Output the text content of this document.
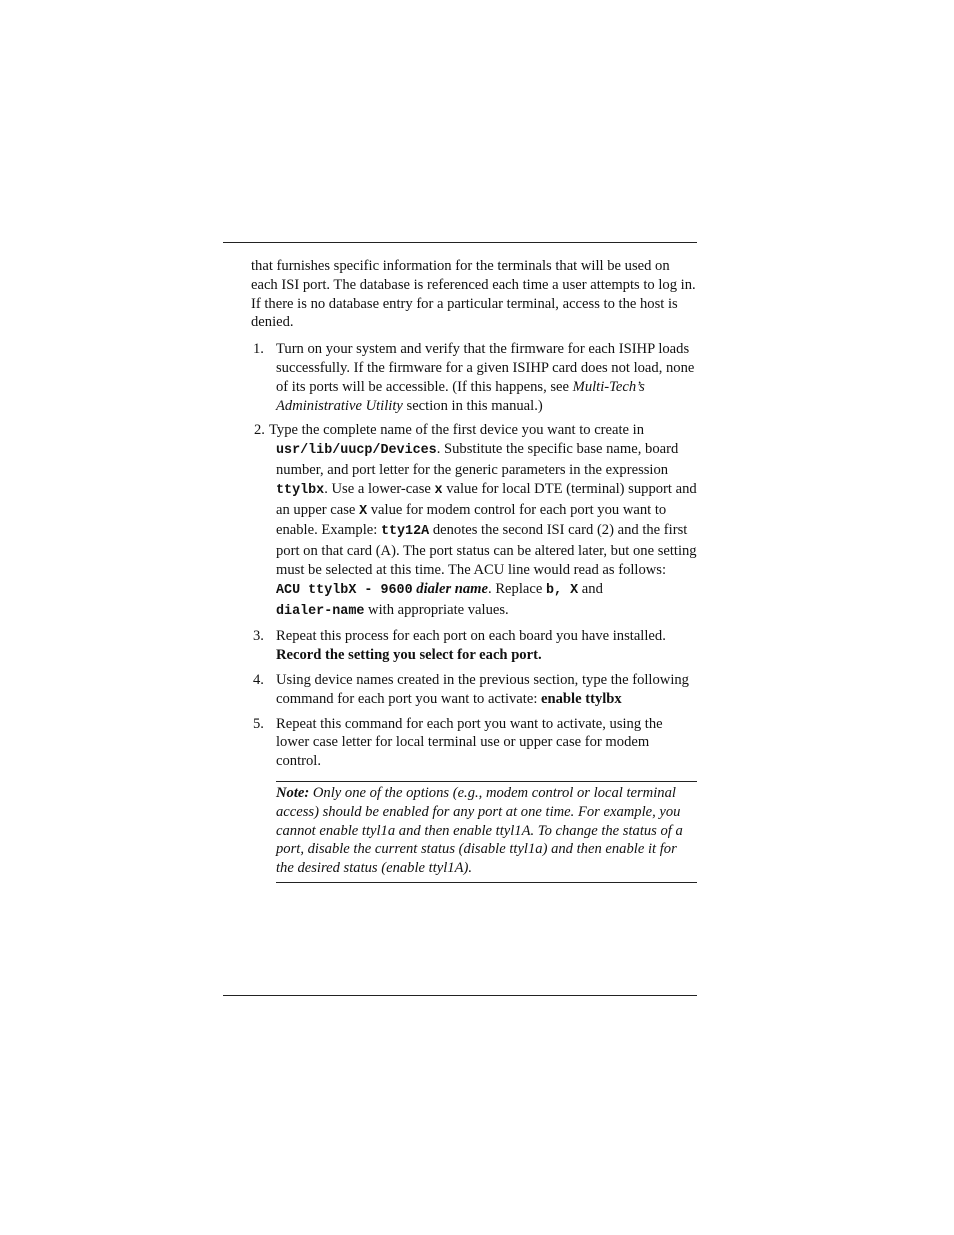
that furnishes specific information for the terminals that will be used on each ISI port. The database is referenced each time a user attempts to log in. If there is no database entry for a particular terminal, access to the host is denied.

1. Turn on your system and verify that the firmware for each ISIHP loads successfully. If the firmware for a given ISIHP card does not load, none of its ports will be accessible. (If this happens, see Multi-Tech’s Administrative Utility section in this manual.)
2. Type the complete name of the first device you want to create in usr/lib/uucp/Devices. Substitute the specific base name, board number, and port letter for the generic parameters in the expression ttylbx. Use a lower-case x value for local DTE (terminal) support and an upper case X value for modem control for each port you want to enable. Example: tty12A denotes the second ISI card (2) and the first port on that card (A). The port status can be altered later, but one setting must be selected at this time. The ACU line would read as follows:
ACU ttylbX - 9600 dialer name. Replace b, X and
dialer-name with appropriate values.
3. Repeat this process for each port on each board you have installed.
Record the setting you select for each port.
4. Using device names created in the previous section, type the following command for each port you want to activate: enable ttylbx
5. Repeat this command for each port you want to activate, using the lower case letter for local terminal use or upper case for modem control.
Note: Only one of the options (e.g., modem control or local terminal access) should be enabled for any port at one time. For example, you cannot enable ttyl1a and then enable ttyl1A. To change the status of a port, disable the current status (disable ttyl1a) and then enable it for the desired status (enable ttyl1A).
